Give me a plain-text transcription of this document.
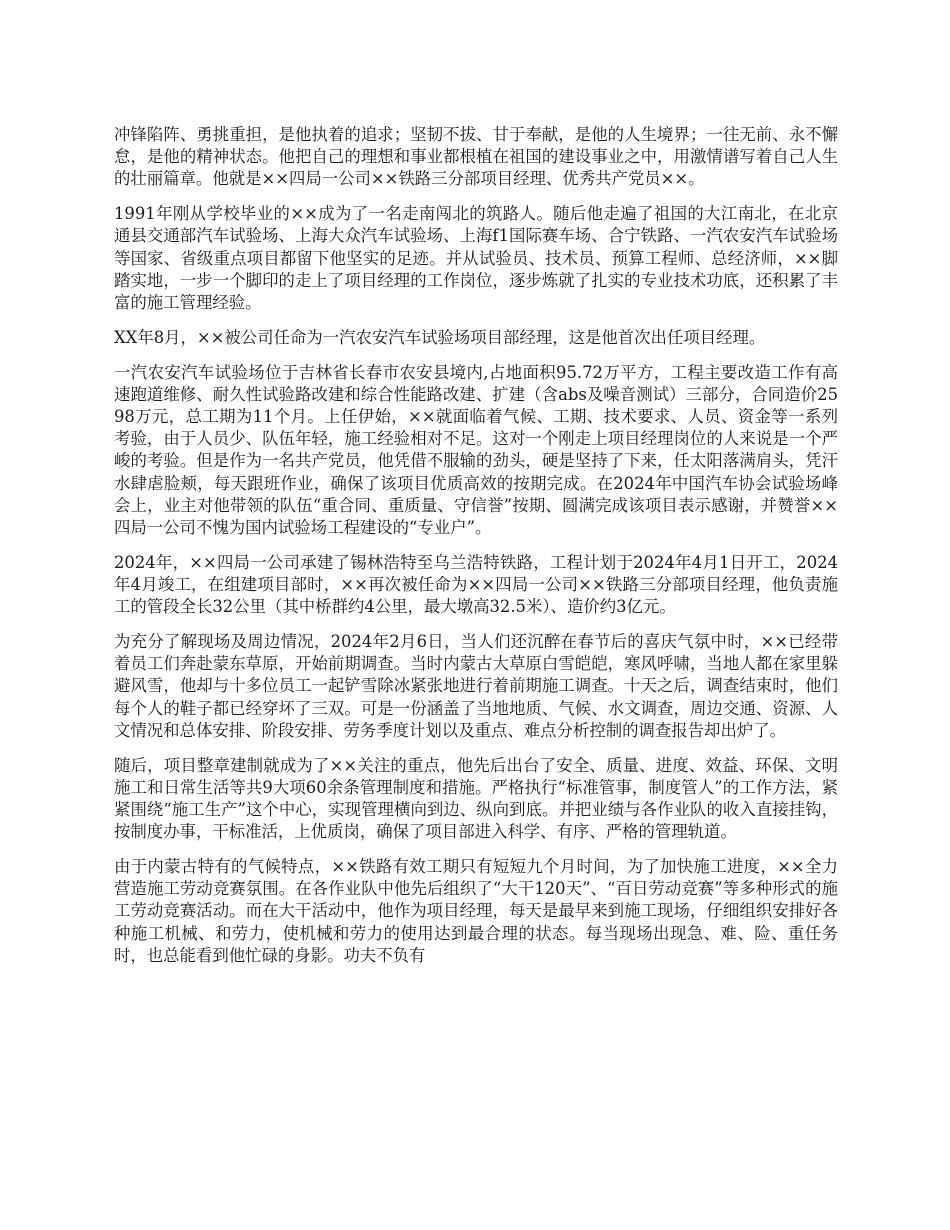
冲锋陷阵、勇挑重担，是他执着的追求；坚韧不拔、甘于奉献，是他的人生境界；一往无前、永不懈怠，是他的精神状态。他把自己的理想和事业都根植在祖国的建设事业之中，用激情谱写着自己人生的壮丽篇章。他就是××四局一公司××铁路三分部项目经理、优秀共产党员××。

1991年刚从学校毕业的××成为了一名走南闯北的筑路人。随后他走遍了祖国的大江南北，在北京通县交通部汽车试验场、上海大众汽车试验场、上海f1国际赛车场、合宁铁路、一汽农安汽车试验场等国家、省级重点项目都留下他坚实的足迹。并从试验员、技术员、预算工程师、总经济师，××脚踏实地，一步一个脚印的走上了项目经理的工作岗位，逐步炼就了扎实的专业技术功底，还积累了丰富的施工管理经验。

XX年8月，××被公司任命为一汽农安汽车试验场项目部经理，这是他首次出任项目经理。

一汽农安汽车试验场位于吉林省长春市农安县境内,占地面积95.72万平方，工程主要改造工作有高速跑道维修、耐久性试验路改建和综合性能路改建、扩建（含abs及噪音测试）三部分，合同造价2598万元，总工期为11个月。上任伊始，××就面临着气候、工期、技术要求、人员、资金等一系列考验，由于人员少、队伍年轻，施工经验相对不足。这对一个刚走上项目经理岗位的人来说是一个严峻的考验。但是作为一名共产党员，他凭借不服输的劲头，硬是坚持了下来，任太阳落满肩头，凭汗水肆虐脸颊，每天跟班作业，确保了该项目优质高效的按期完成。在2024年中国汽车协会试验场峰会上，业主对他带领的队伍“重合同、重质量、守信誉”按期、圆满完成该项目表示感谢，并赞誉××四局一公司不愧为国内试验场工程建设的“专业户”。

2024年，××四局一公司承建了锡林浩特至乌兰浩特铁路，工程计划于2024年4月1日开工，2024年4月竣工，在组建项目部时，××再次被任命为××四局一公司××铁路三分部项目经理，他负责施工的管段全长32公里（其中桥群约4公里，最大墩高32.5米）、造价约3亿元。

为充分了解现场及周边情况，2024年2月6日，当人们还沉醉在春节后的喜庆气氛中时，××已经带着员工们奔赴蒙东草原，开始前期调查。当时内蒙古大草原白雪皑皑，寒风呼啸，当地人都在家里躲避风雪，他却与十多位员工一起铲雪除冰紧张地进行着前期施工调查。十天之后，调查结束时，他们每个人的鞋子都已经穿坏了三双。可是一份涵盖了当地地质、气候、水文调查，周边交通、资源、人文情况和总体安排、阶段安排、劳务季度计划以及重点、难点分析控制的调查报告却出炉了。

随后，项目整章建制就成为了××关注的重点，他先后出台了安全、质量、进度、效益、环保、文明施工和日常生活等共9大项60余条管理制度和措施。严格执行“标准管事，制度管人”的工作方法，紧紧围绕“施工生产”这个中心，实现管理横向到边、纵向到底。并把业绩与各作业队的收入直接挂钩，按制度办事，干标准活，上优质岗，确保了项目部进入科学、有序、严格的管理轨道。

由于内蒙古特有的气候特点，××铁路有效工期只有短短九个月时间，为了加快施工进度，××全力营造施工劳动竞赛氛围。在各作业队中他先后组织了“大干120天”、“百日劳动竞赛”等多种形式的施工劳动竞赛活动。而在大干活动中，他作为项目经理，每天是最早来到施工现场，仔细组织安排好各种施工机械、和劳力，使机械和劳力的使用达到最合理的状态。每当现场出现急、难、险、重任务时，也总能看到他忙碌的身影。功夫不负有
